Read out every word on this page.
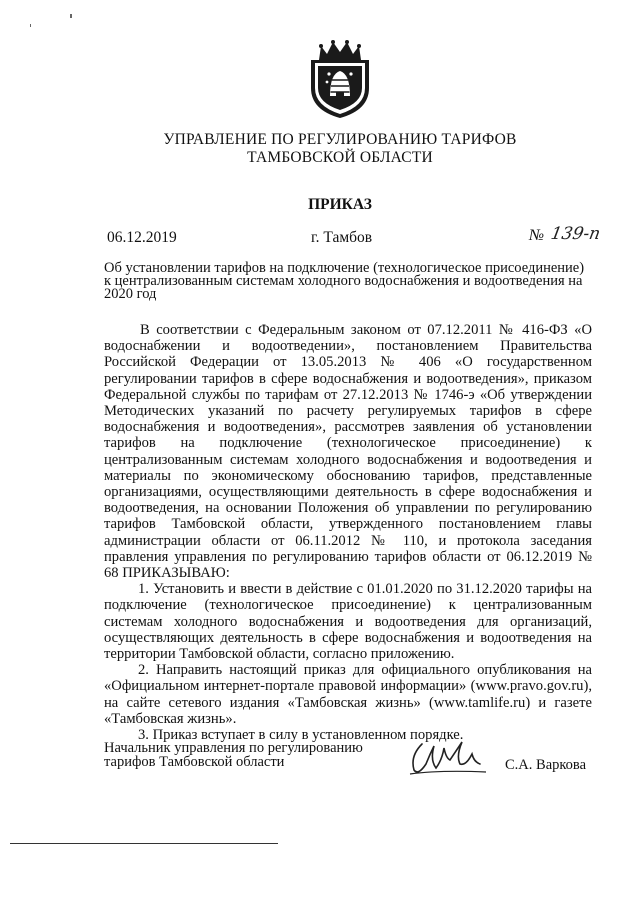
УПРАВЛЕНИЕ ПО РЕГУЛИРОВАНИЮ ТАРИФОВ
ТАМБОВСКОЙ ОБЛАСТИ
ПРИКАЗ
06.12.2019	г. Тамбов	№ 139-п
Об установлении тарифов на подключение (технологическое присоединение) к централизованным системам холодного водоснабжения и водоотведения на 2020 год

В соответствии с Федеральным законом от 07.12.2011 № 416-ФЗ «О водоснабжении и водоотведении», постановлением Правительства Российской Федерации от 13.05.2013 № 406 «О государственном регулировании тарифов в сфере водоснабжения и водоотведения», приказом Федеральной службы по тарифам от 27.12.2013 № 1746-э «Об утверждении Методических указаний по расчету регулируемых тарифов в сфере водоснабжения и водоотведения», рассмотрев заявления об установлении тарифов на подключение (технологическое присоединение) к централизованным системам холодного водоснабжения и водоотведения и материалы по экономическому обоснованию тарифов, представленные организациями, осуществляющими деятельность в сфере водоснабжения и водоотведения, на основании Положения об управлении по регулированию тарифов Тамбовской области, утвержденного постановлением главы администрации области от 06.11.2012 № 110, и протокола заседания правления управления по регулированию тарифов области от 06.12.2019 № 68 ПРИКАЗЫВАЮ:

1. Установить и ввести в действие с 01.01.2020 по 31.12.2020 тарифы на подключение (технологическое присоединение) к централизованным системам холодного водоснабжения и водоотведения для организаций, осуществляющих деятельность в сфере водоснабжения и водоотведения на территории Тамбовской области, согласно приложению.

2. Направить настоящий приказ для официального опубликования на «Официальном интернет-портале правовой информации» (www.pravo.gov.ru), на сайте сетевого издания «Тамбовская жизнь» (www.tamlife.ru) и газете «Тамбовская жизнь».

3. Приказ вступает в силу в установленном порядке.

Начальник управления по регулированию
тарифов Тамбовской области	С.А. Варкова
